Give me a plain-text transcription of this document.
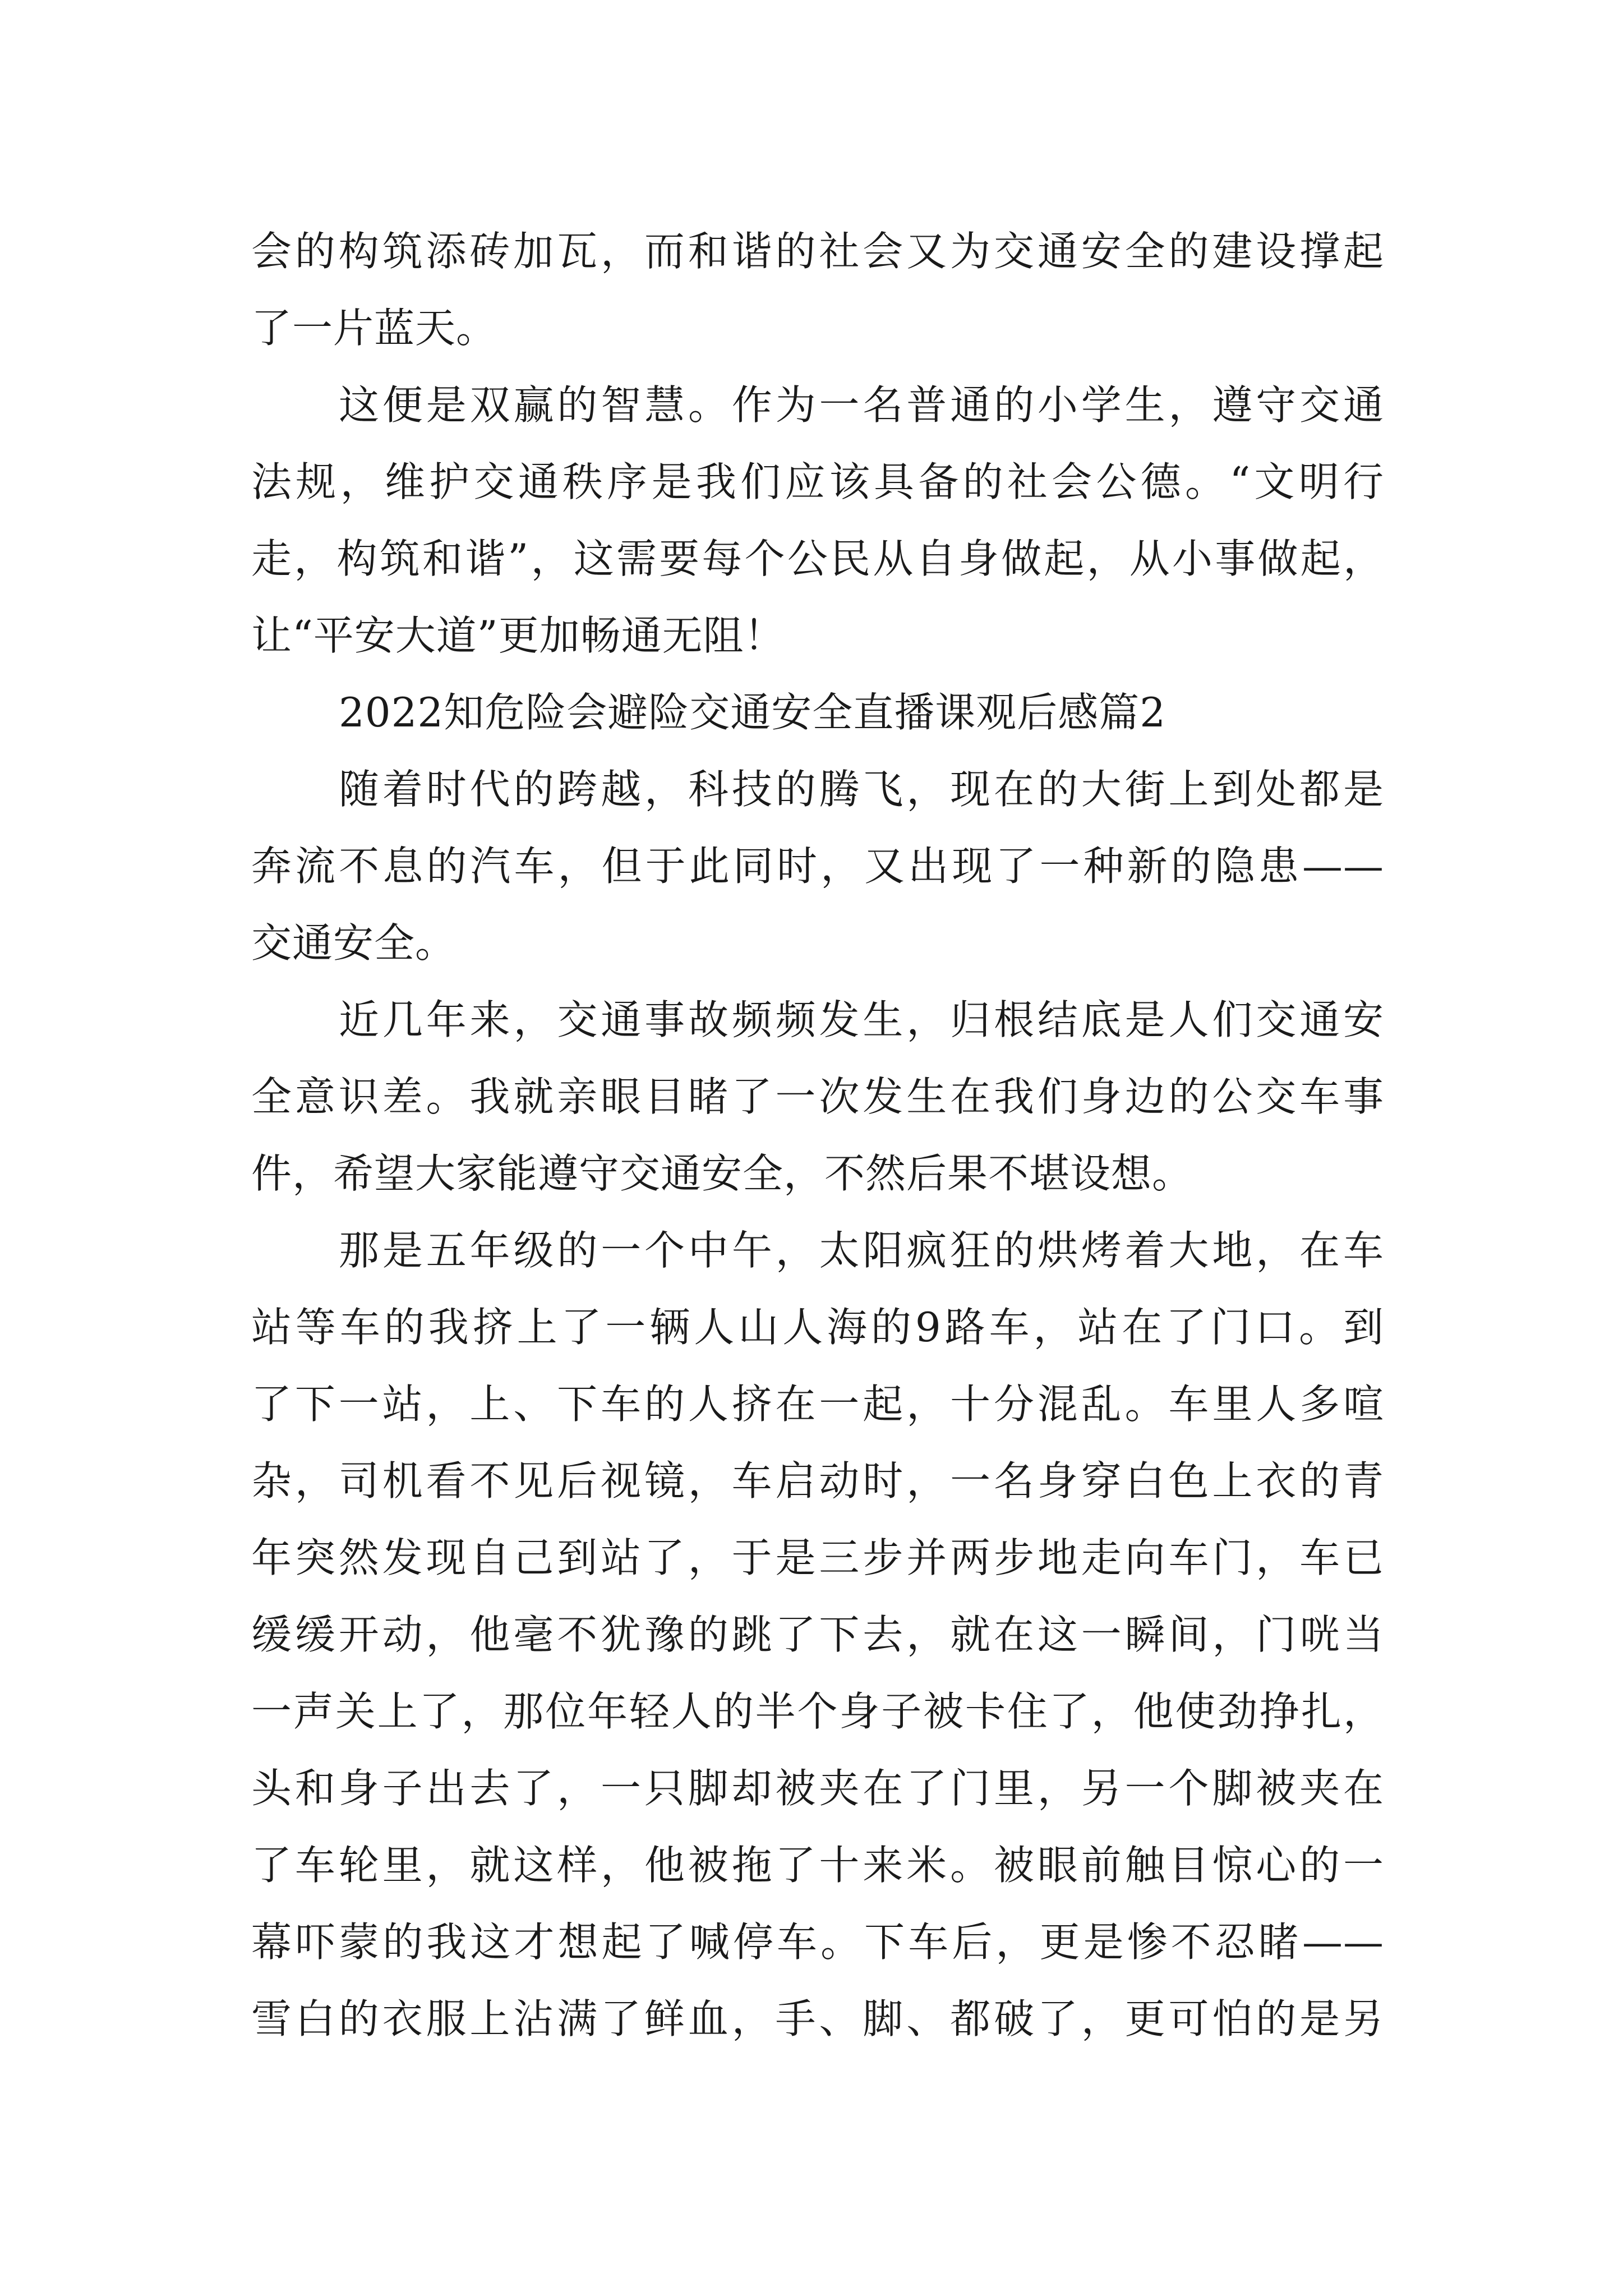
会的构筑添砖加瓦，而和谐的社会又为交通安全的建设撑起
了一片蓝天。
这便是双赢的智慧。作为一名普通的小学生，遵守交通
法规，维护交通秩序是我们应该具备的社会公德。“文明行
走，构筑和谐”，这需要每个公民从自身做起，从小事做起，
让“平安大道”更加畅通无阻！
2022知危险会避险交通安全直播课观后感篇2
随着时代的跨越，科技的腾飞，现在的大街上到处都是
奔流不息的汽车，但于此同时，又出现了一种新的隐患——
交通安全。
近几年来，交通事故频频发生，归根结底是人们交通安
全意识差。我就亲眼目睹了一次发生在我们身边的公交车事
件，希望大家能遵守交通安全，不然后果不堪设想。
那是五年级的一个中午，太阳疯狂的烘烤着大地，在车
站等车的我挤上了一辆人山人海的9路车，站在了门口。到
了下一站，上、下车的人挤在一起，十分混乱。车里人多喧
杂，司机看不见后视镜，车启动时，一名身穿白色上衣的青
年突然发现自己到站了，于是三步并两步地走向车门，车已
缓缓开动，他毫不犹豫的跳了下去，就在这一瞬间，门咣当
一声关上了，那位年轻人的半个身子被卡住了，他使劲挣扎，
头和身子出去了，一只脚却被夹在了门里，另一个脚被夹在
了车轮里，就这样，他被拖了十来米。被眼前触目惊心的一
幕吓蒙的我这才想起了喊停车。下车后，更是惨不忍睹——
雪白的衣服上沾满了鲜血，手、脚、都破了，更可怕的是另
